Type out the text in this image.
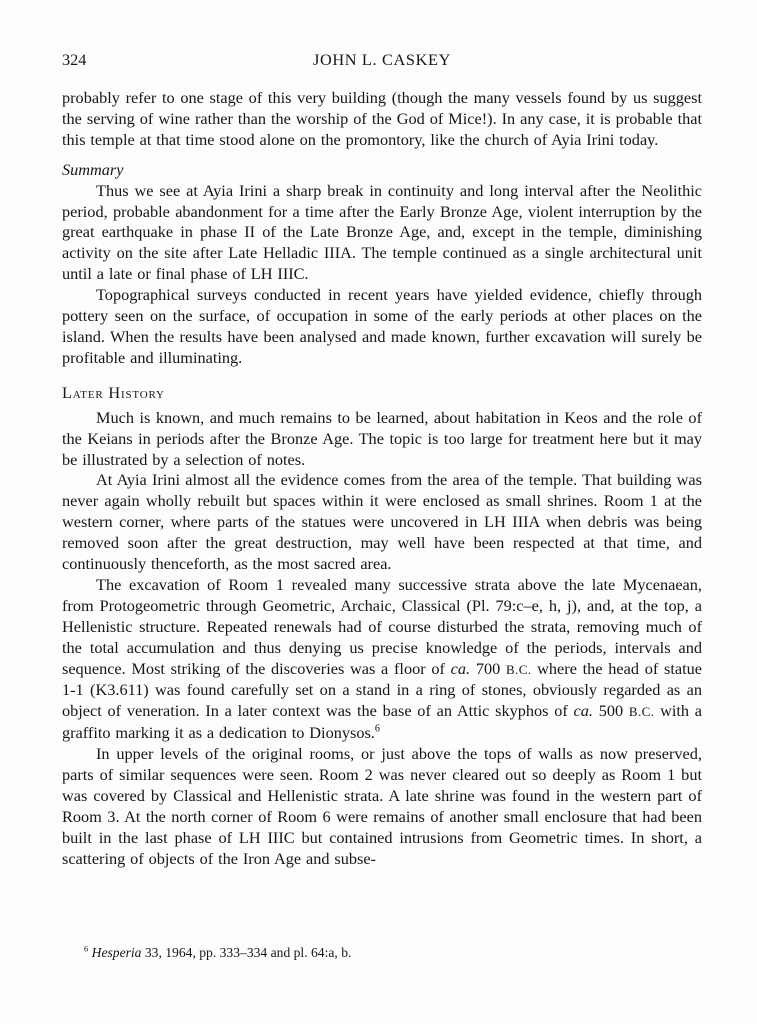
324	JOHN L. CASKEY

probably refer to one stage of this very building (though the many vessels found by us suggest the serving of wine rather than the worship of the God of Mice!). In any case, it is probable that this temple at that time stood alone on the promontory, like the church of Ayia Irini today.

Summary

Thus we see at Ayia Irini a sharp break in continuity and long interval after the Neolithic period, probable abandonment for a time after the Early Bronze Age, violent interruption by the great earthquake in phase II of the Late Bronze Age, and, except in the temple, diminishing activity on the site after Late Helladic IIIA. The temple continued as a single architectural unit until a late or final phase of LH IIIC.

Topographical surveys conducted in recent years have yielded evidence, chiefly through pottery seen on the surface, of occupation in some of the early periods at other places on the island. When the results have been analysed and made known, further excavation will surely be profitable and illuminating.

Later History

Much is known, and much remains to be learned, about habitation in Keos and the role of the Keians in periods after the Bronze Age. The topic is too large for treatment here but it may be illustrated by a selection of notes.

At Ayia Irini almost all the evidence comes from the area of the temple. That building was never again wholly rebuilt but spaces within it were enclosed as small shrines. Room 1 at the western corner, where parts of the statues were uncovered in LH IIIA when debris was being removed soon after the great destruction, may well have been respected at that time, and continuously thenceforth, as the most sacred area.

The excavation of Room 1 revealed many successive strata above the late Mycenaean, from Protogeometric through Geometric, Archaic, Classical (Pl. 79:c–e, h, j), and, at the top, a Hellenistic structure. Repeated renewals had of course disturbed the strata, removing much of the total accumulation and thus denying us precise knowledge of the periods, intervals and sequence. Most striking of the discoveries was a floor of ca. 700 B.C. where the head of statue 1-1 (K3.611) was found carefully set on a stand in a ring of stones, obviously regarded as an object of veneration. In a later context was the base of an Attic skyphos of ca. 500 B.C. with a graffito marking it as a dedication to Dionysos.$^6$

In upper levels of the original rooms, or just above the tops of walls as now preserved, parts of similar sequences were seen. Room 2 was never cleared out so deeply as Room 1 but was covered by Classical and Hellenistic strata. A late shrine was found in the western part of Room 3. At the north corner of Room 6 were remains of another small enclosure that had been built in the last phase of LH IIIC but contained intrusions from Geometric times. In short, a scattering of objects of the Iron Age and subse-

$^6$ Hesperia 33, 1964, pp. 333–334 and pl. 64:a, b.
